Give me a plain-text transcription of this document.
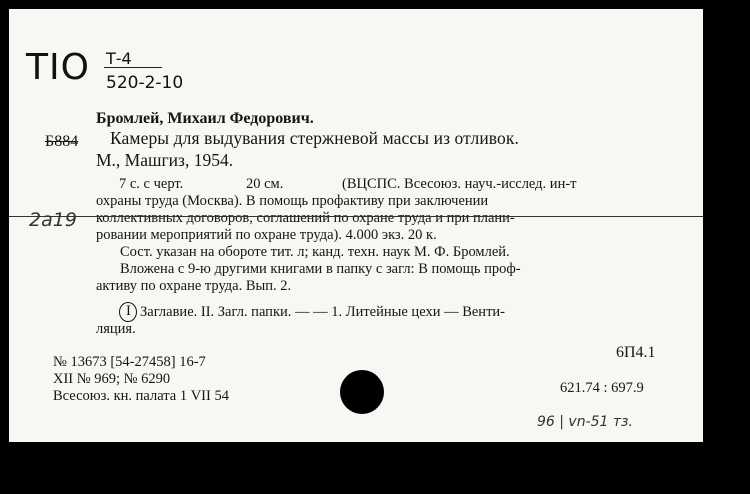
ТІО Т-4
520-2-10
Бромлей, Михаил Федорович.
Б884 Камеры для выдувания стержневой массы из отливок.
М., Машгиз, 1954.
7 с. с черт.	20 см.	(ВЦСПС. Всесоюз. науч.-исслед. ин-т
охраны труда (Москва). В помощь профактиву при заключении
коллективных договоров, соглашений по охране труда и при плани-
ровании мероприятий по охране труда). 4.000 экз. 20 к.
2a19
Сост. указан на обороте тит. л; канд. техн. наук М. Ф. Бромлей.
Вложена с 9-ю другими книгами в папку с загл: В помощь проф-
активу по охране труда. Вып. 2.
I Заглавие. II. Загл. папки. — — 1. Литейные цехи — Венти-
ляция.
6П4.1
№ 13673 [54-27458] 16-7
XII № 969; № 6290
Всесоюз. кн. палата 1 VII 54	621.74 : 697.9
96 | vn-51 тз.
